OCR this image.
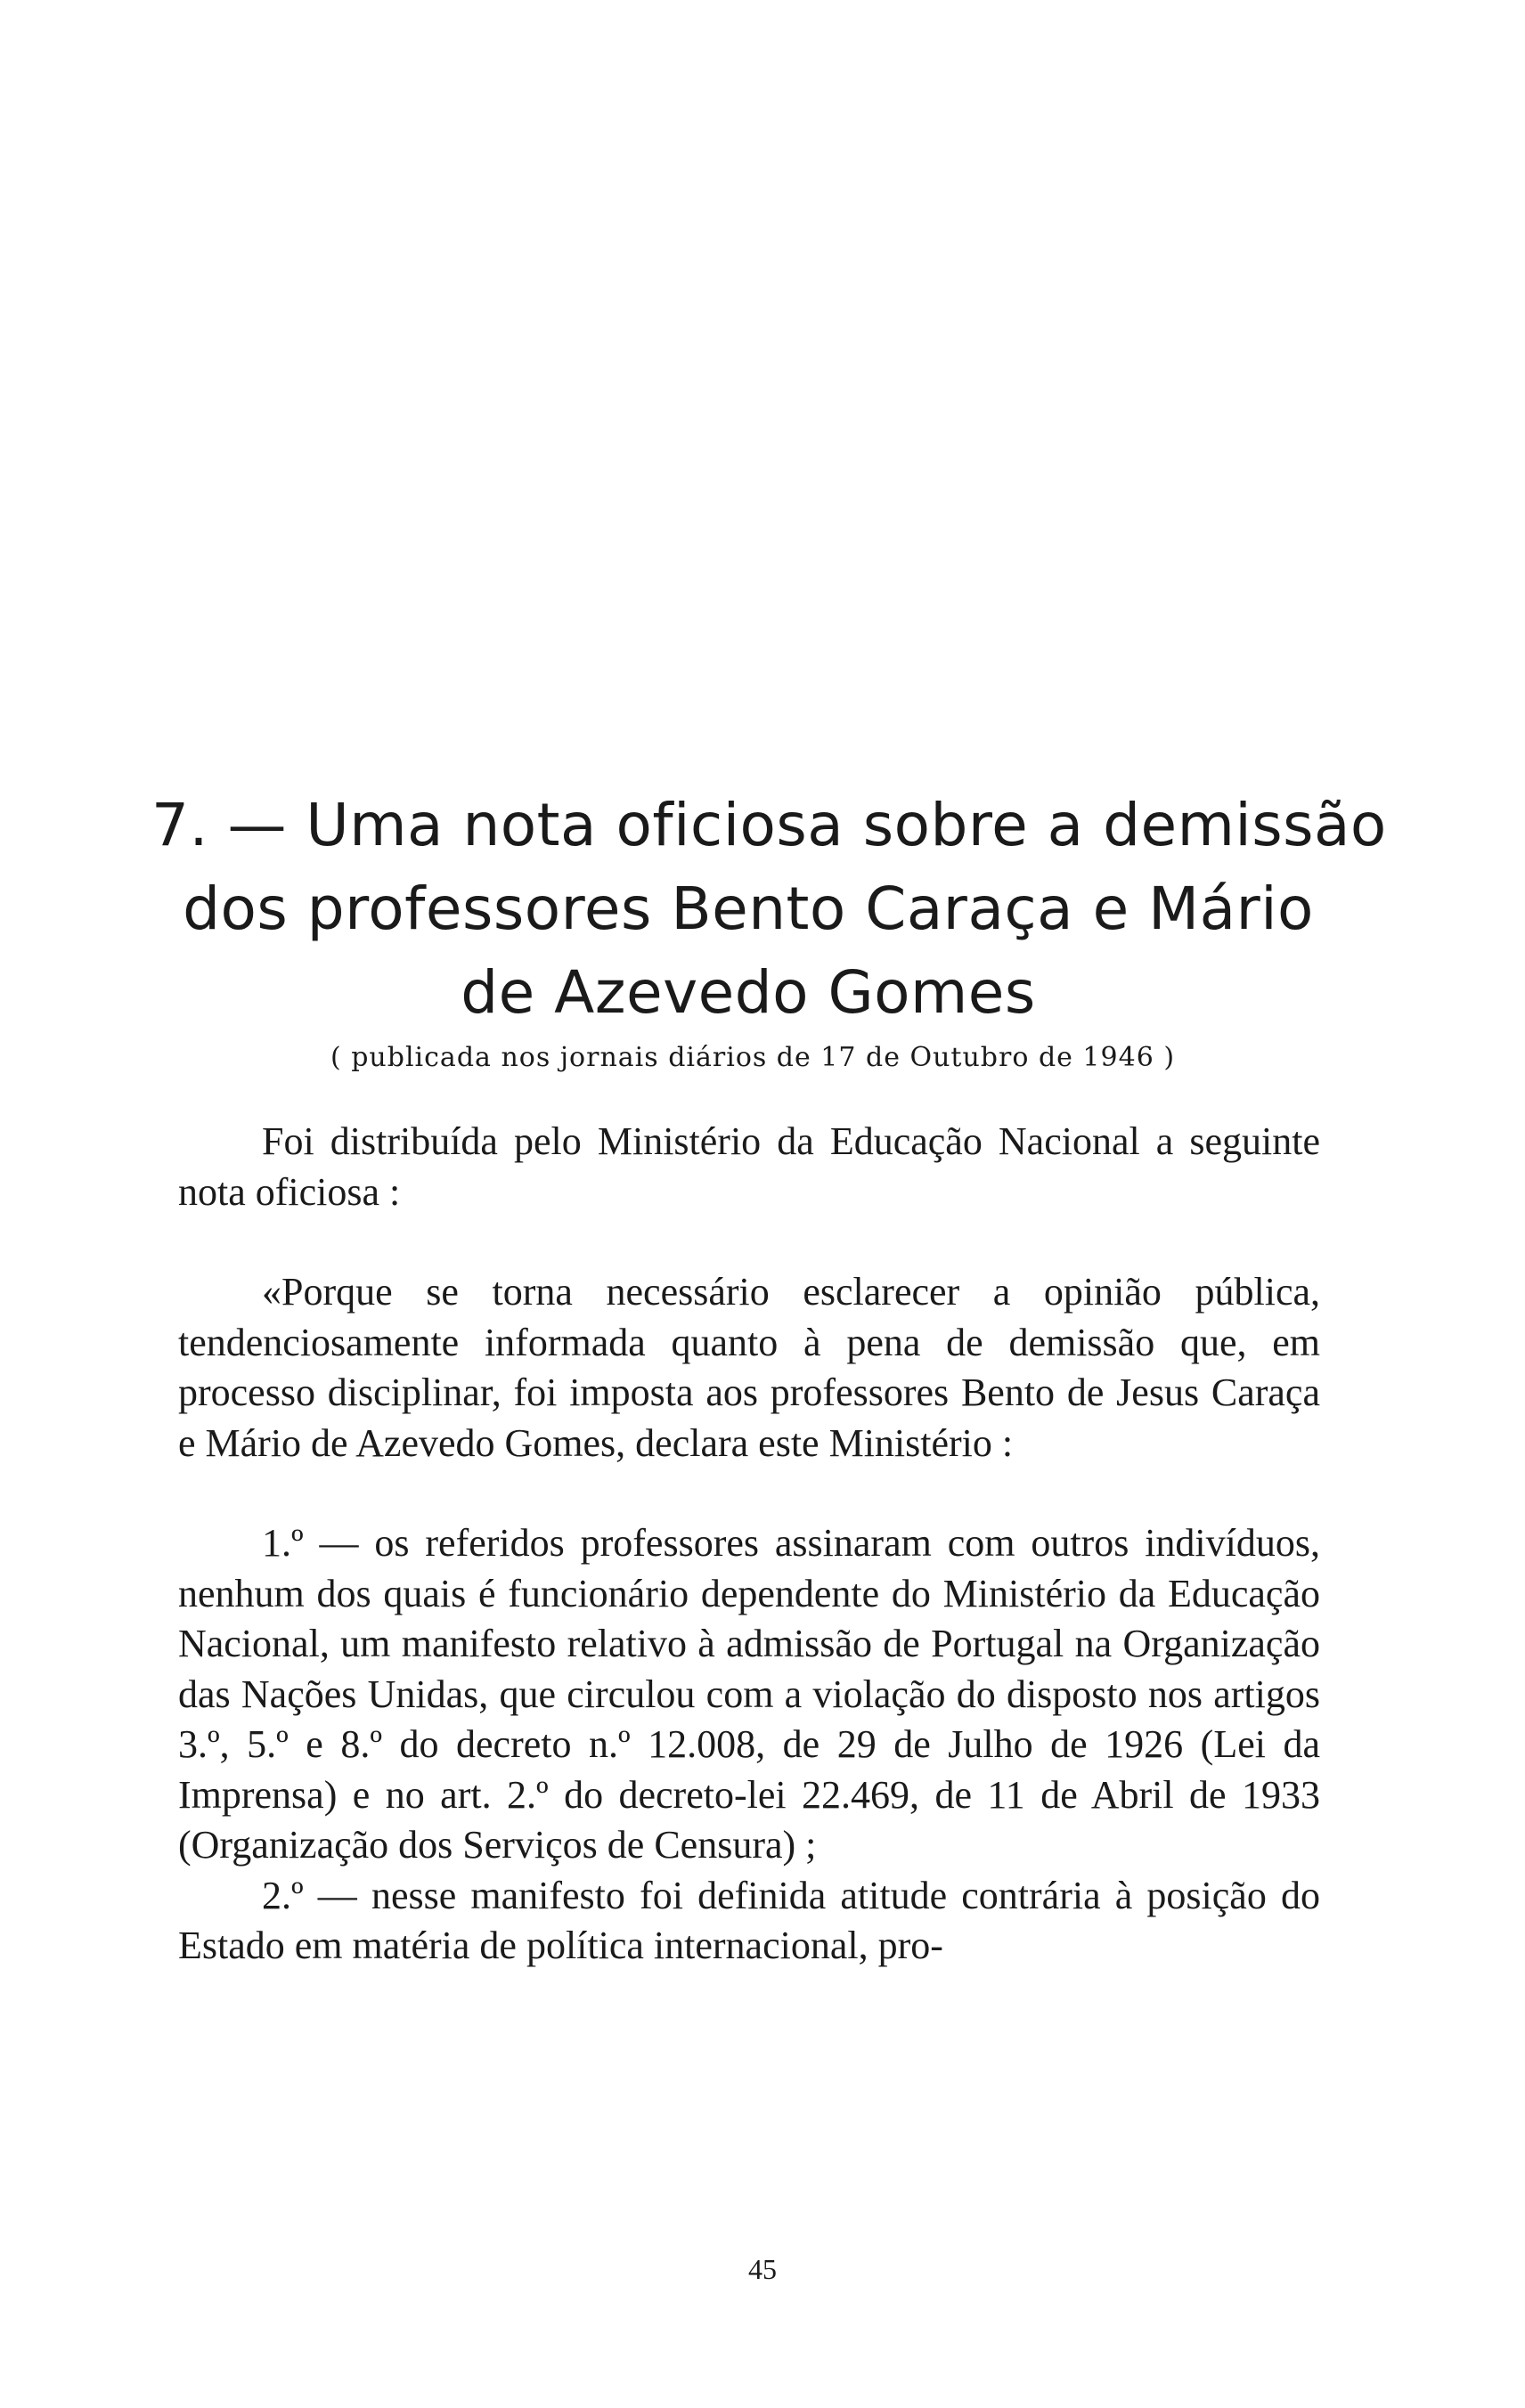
7. — Uma nota oficiosa sobre a demissão
dos professores Bento Caraça e Mário
de Azevedo Gomes
( publicada nos jornais diários de 17 de Outubro de 1946 )

Foi distribuída pelo Ministério da Educação Nacional a seguinte nota oficiosa :

«Porque se torna necessário esclarecer a opinião pública, tendenciosamente informada quanto à pena de demissão que, em processo disciplinar, foi imposta aos professores Bento de Jesus Caraça e Mário de Azevedo Gomes, declara este Ministério :

1.º — os referidos professores assinaram com outros indivíduos, nenhum dos quais é funcionário dependente do Ministério da Educação Nacional, um manifesto relativo à admissão de Portugal na Organização das Nações Unidas, que circulou com a violação do disposto nos artigos 3.º, 5.º e 8.º do decreto n.º 12.008, de 29 de Julho de 1926 (Lei da Imprensa) e no art. 2.º do decreto-lei 22.469, de 11 de Abril de 1933 (Organização dos Serviços de Censura) ;

2.º — nesse manifesto foi definida atitude contrária à posição do Estado em matéria de política internacional, pro-

45
